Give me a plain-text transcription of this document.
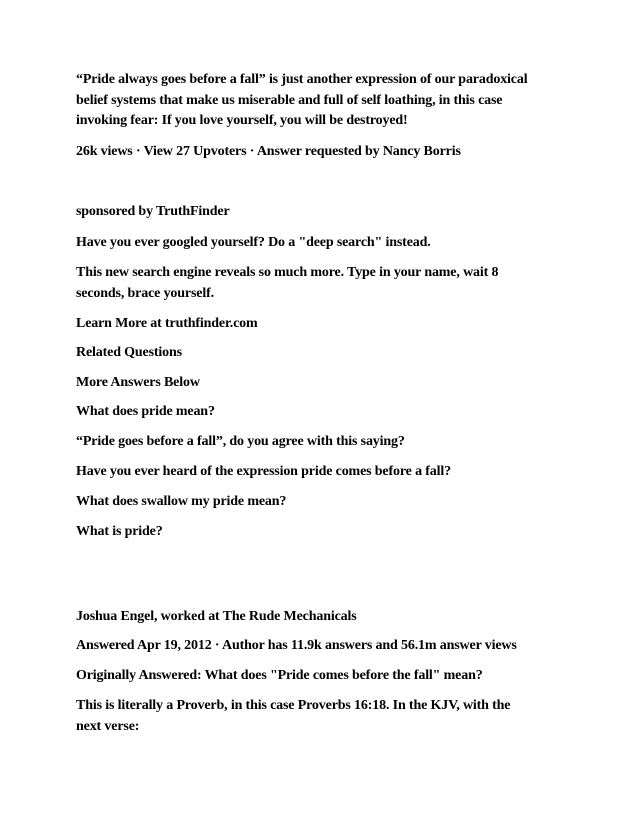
“Pride always goes before a fall” is just another expression of our paradoxical
belief systems that make us miserable and full of self loathing, in this case
invoking fear: If you love yourself, you will be destroyed!

26k views · View 27 Upvoters · Answer requested by Nancy Borris

sponsored by TruthFinder

Have you ever googled yourself? Do a "deep search" instead.

This new search engine reveals so much more. Type in your name, wait 8
seconds, brace yourself.

Learn More at truthfinder.com

Related Questions

More Answers Below

What does pride mean?

“Pride goes before a fall”, do you agree with this saying?

Have you ever heard of the expression pride comes before a fall?

What does swallow my pride mean?

What is pride?

Joshua Engel, worked at The Rude Mechanicals

Answered Apr 19, 2012 · Author has 11.9k answers and 56.1m answer views

Originally Answered: What does "Pride comes before the fall" mean?

This is literally a Proverb, in this case Proverbs 16:18. In the KJV, with the
next verse:
